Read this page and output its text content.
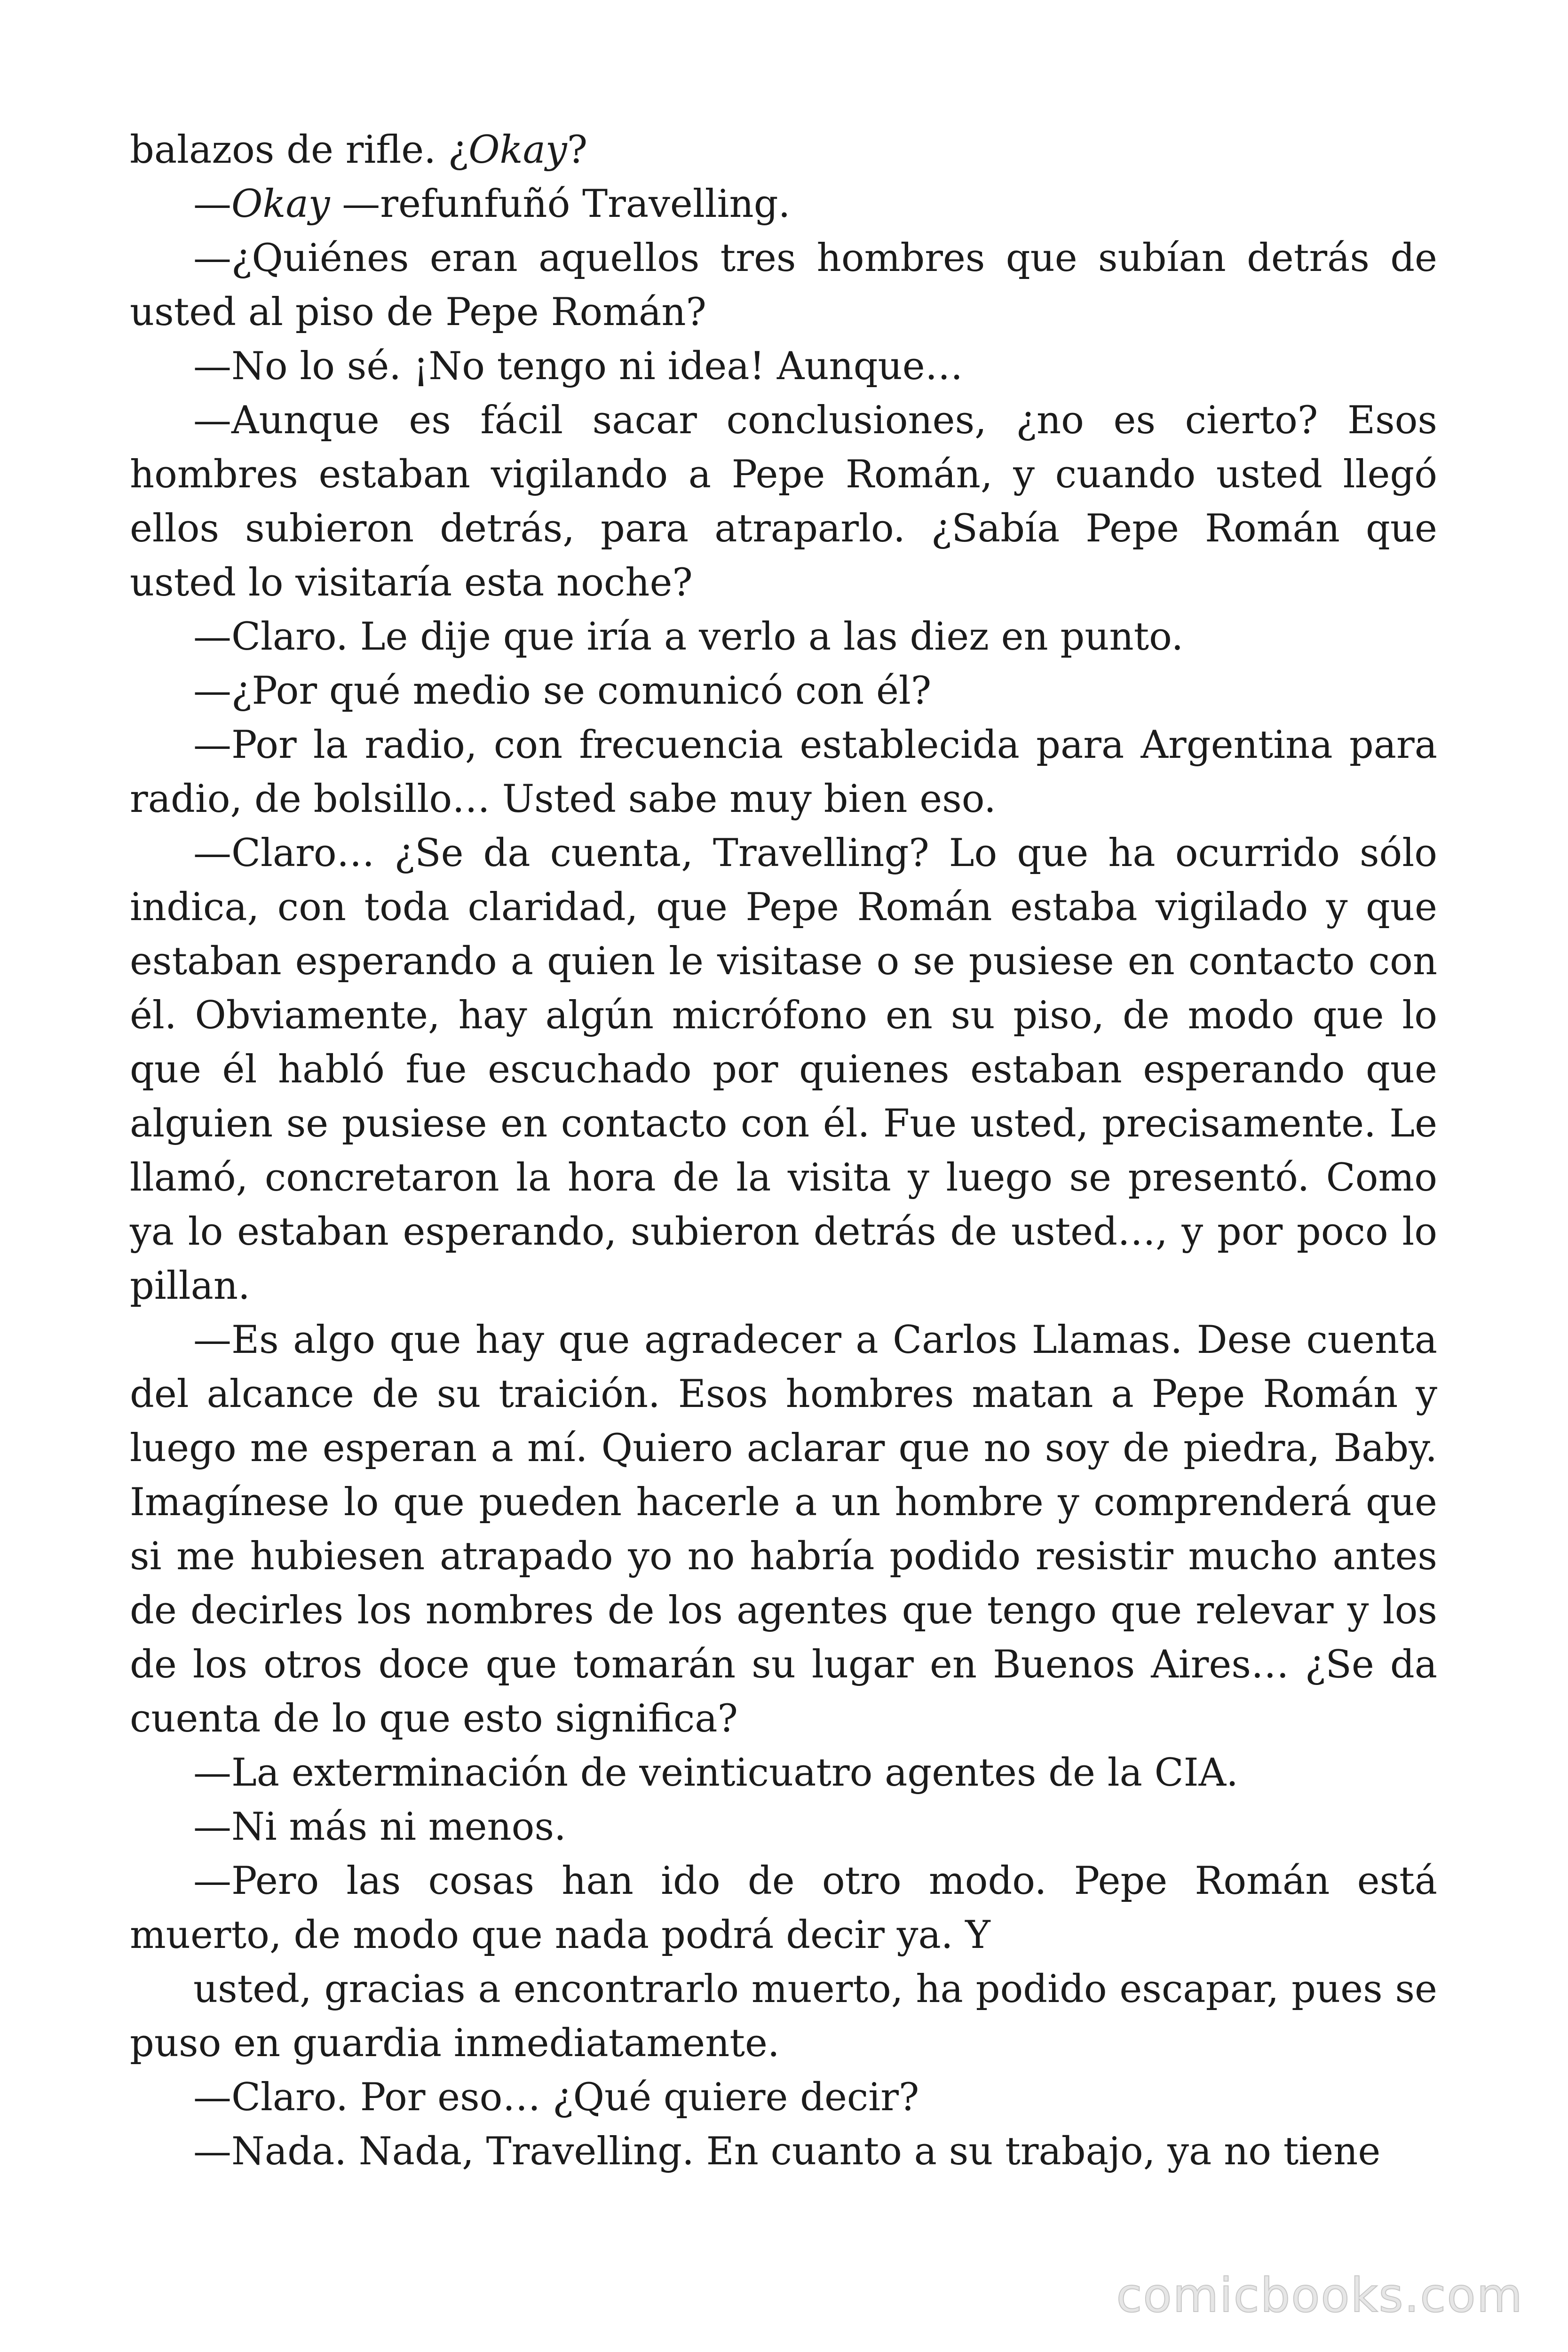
balazos de rifle. ¿Okay?

—Okay —refunfuñó Travelling.

—¿Quiénes eran aquellos tres hombres que subían detrás de usted al piso de Pepe Román?

—No lo sé. ¡No tengo ni idea! Aunque…

—Aunque es fácil sacar conclusiones, ¿no es cierto? Esos hombres estaban vigilando a Pepe Román, y cuando usted llegó ellos subieron detrás, para atraparlo. ¿Sabía Pepe Román que usted lo visitaría esta noche?

—Claro. Le dije que iría a verlo a las diez en punto.

—¿Por qué medio se comunicó con él?

—Por la radio, con frecuencia establecida para Argentina para radio, de bolsillo… Usted sabe muy bien eso.

—Claro… ¿Se da cuenta, Travelling? Lo que ha ocurrido sólo indica, con toda claridad, que Pepe Román estaba vigilado y que estaban esperando a quien le visitase o se pusiese en contacto con él. Obviamente, hay algún micrófono en su piso, de modo que lo que él habló fue escuchado por quienes estaban esperando que alguien se pusiese en contacto con él. Fue usted, precisamente. Le llamó, concretaron la hora de la visita y luego se presentó. Como ya lo estaban esperando, subieron detrás de usted…, y por poco lo pillan.

—Es algo que hay que agradecer a Carlos Llamas. Dese cuenta del alcance de su traición. Esos hombres matan a Pepe Román y luego me esperan a mí. Quiero aclarar que no soy de piedra, Baby. Imagínese lo que pueden hacerle a un hombre y comprenderá que si me hubiesen atrapado yo no habría podido resistir mucho antes de decirles los nombres de los agentes que tengo que relevar y los de los otros doce que tomarán su lugar en Buenos Aires… ¿Se da cuenta de lo que esto significa?

—La exterminación de veinticuatro agentes de la CIA.

—Ni más ni menos.

—Pero las cosas han ido de otro modo. Pepe Román está muerto, de modo que nada podrá decir ya. Y

usted, gracias a encontrarlo muerto, ha podido escapar, pues se puso en guardia inmediatamente.

—Claro. Por eso… ¿Qué quiere decir?

—Nada. Nada, Travelling. En cuanto a su trabajo, ya no tiene

comicbooks.com
